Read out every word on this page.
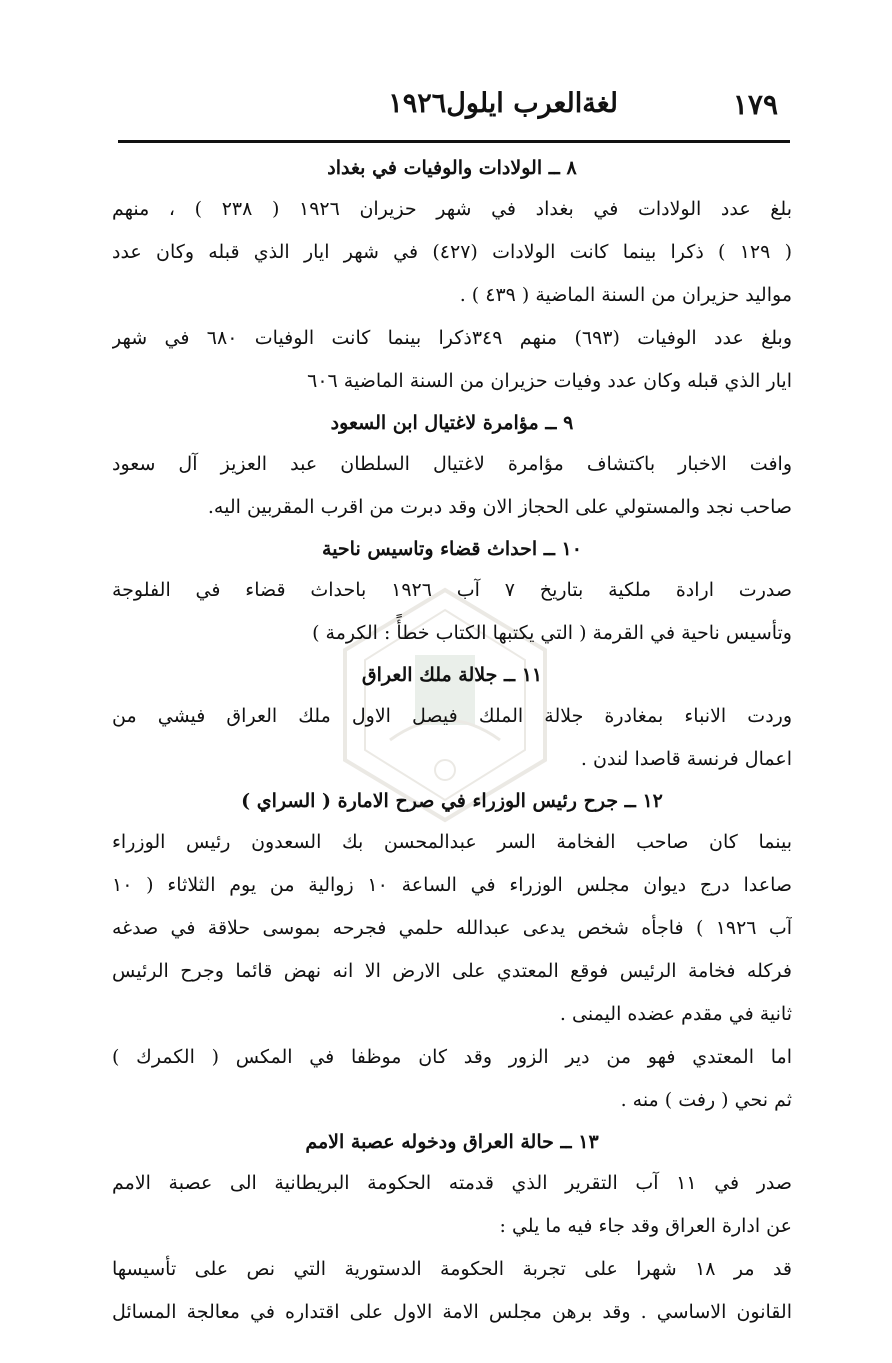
١٧٩
لغةالعرب ايلول١٩٢٦
٨ ــ الولادات والوفيات في بغداد
بلغ عدد الولادات في بغداد في شهر حزيران ١٩٢٦ ( ٢٣٨ ) ، منهم
( ١٢٩ ) ذكرا بينما كانت الولادات (٤٢٧) في شهر ايار الذي قبله وكان عدد
مواليد حزيران من السنة الماضية ( ٤٣٩ ) .
وبلغ عدد الوفيات (٦٩٣) منهم ٣٤٩ذكرا بينما كانت الوفيات ٦٨٠ في شهر
ايار الذي قبله وكان عدد وفيات حزيران من السنة الماضية ٦٠٦
٩ ــ مؤامرة لاغتيال ابن السعود
وافت الاخبار باكتشاف مؤامرة لاغتيال السلطان عبد العزيز آل سعود
صاحب نجد والمستولي على الحجاز الان وقد دبرت من اقرب المقربين اليه.
١٠ ــ احداث قضاء وتاسيس ناحية
صدرت ارادة ملكية بتاريخ ٧ آب ١٩٢٦ باحداث قضاء في الفلوجة
وتأسيس ناحية في القرمة ( التي يكتبها الكتاب خطأً : الكرمة )
١١ ــ جلالة ملك العراق
وردت الانباء بمغادرة جلالة الملك فيصل الاول ملك العراق فيشي من
اعمال فرنسة قاصدا لندن .
١٢ ــ جرح رئيس الوزراء في صرح الامارة ( السراي )
بينما كان صاحب الفخامة السر عبدالمحسن بك السعدون رئيس الوزراء
صاعدا درج ديوان مجلس الوزراء في الساعة ١٠ زوالية من يوم الثلاثاء ( ١٠
آب ١٩٢٦ ) فاجأه شخص يدعى عبدالله حلمي فجرحه بموسى حلاقة في صدغه
فركله فخامة الرئيس فوقع المعتدي على الارض الا انه نهض قائما وجرح الرئيس
ثانية في مقدم عضده اليمنى .
اما المعتدي فهو من دير الزور وقد كان موظفا في المكس ( الكمرك )
ثم نحي ( رفت ) منه .
١٣ ــ حالة العراق ودخوله عصبة الامم
صدر في ١١ آب التقرير الذي قدمته الحكومة البريطانية الى عصبة الامم
عن ادارة العراق وقد جاء فيه ما يلي :
قد مر ١٨ شهرا على تجربة الحكومة الدستورية التي نص على تأسيسها
القانون الاساسي . وقد برهن مجلس الامة الاول على اقتداره في معالجة المسائل
